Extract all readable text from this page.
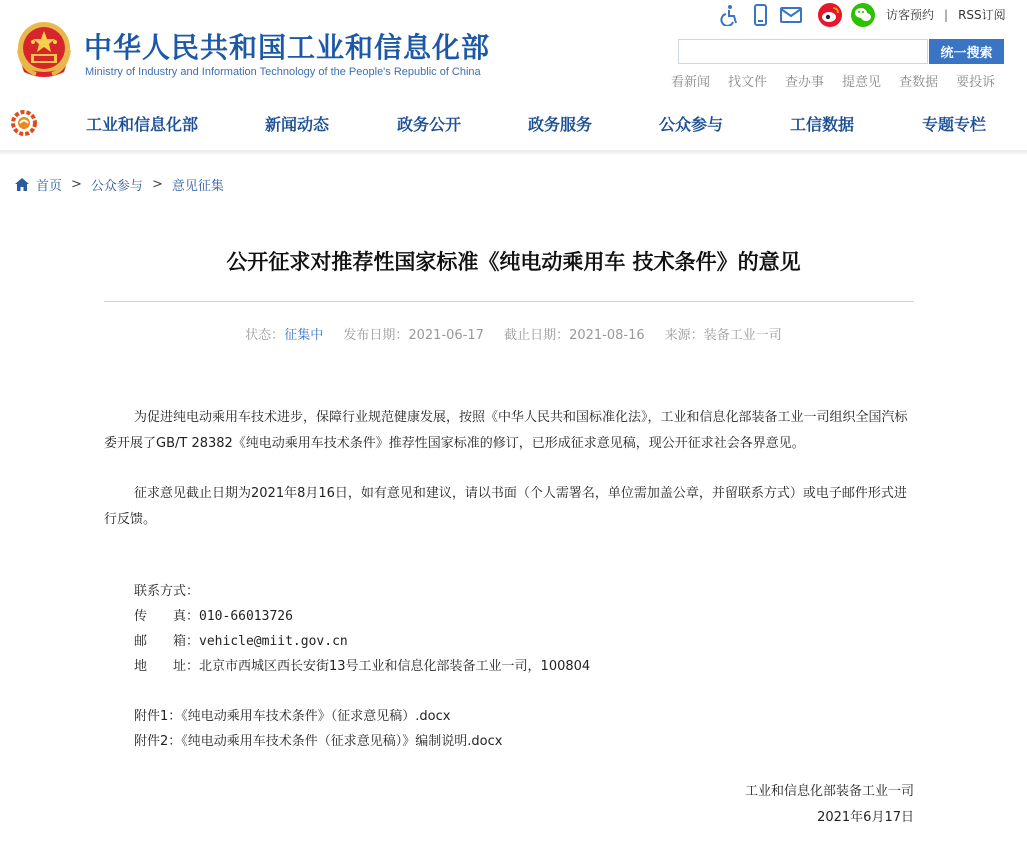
中华人民共和国工业和信息化部
Ministry of Industry and Information Technology of the People's Republic of China
访客预约 | RSS订阅
统一搜索
看新闻 找文件 查办事 提意见 查数据 要投诉
工业和信息化部	新闻动态	政务公开	政务服务	公众参与	工信数据	专题专栏
首页 > 公众参与 > 意见征集
公开征求对推荐性国家标准《纯电动乘用车 技术条件》的意见
状态：征集中 发布日期：2021-06-17 截止日期：2021-08-16 来源：装备工业一司

为促进纯电动乘用车技术进步，保障行业规范健康发展，按照《中华人民共和国标准化法》，工业和信息化部装备工业一司组织全国汽标委开展了GB/T 28382《纯电动乘用车技术条件》推荐性国家标准的修订，已形成征求意见稿，现公开征求社会各界意见。

征求意见截止日期为2021年8月16日，如有意见和建议，请以书面（个人需署名，单位需加盖公章，并留联系方式）或电子邮件形式进行反馈。

联系方式：
传　　真：010-66013726
邮　　箱：vehicle@miit.gov.cn
地　　址：北京市西城区西长安街13号工业和信息化部装备工业一司，100804
附件1：《纯电动乘用车技术条件》（征求意见稿）.docx
附件2：《纯电动乘用车技术条件（征求意见稿）》编制说明.docx
工业和信息化部装备工业一司
2021年6月17日
